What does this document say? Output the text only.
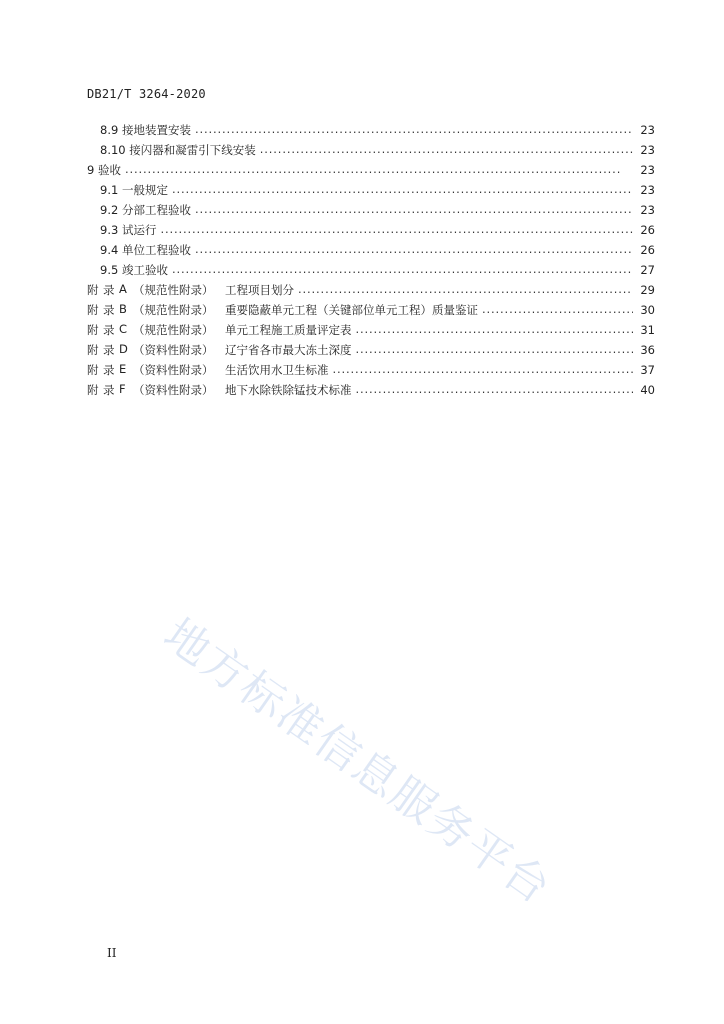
DB21/T 3264-2020
8.9 接地装置安装 . . .	23
8.10 接闪器和凝雷引下线安装 . . .	23
9 验收 . . .	23
9.1 一般规定 . . .	23
9.2 分部工程验收 . . .	23
9.3 试运行 . . .	26
9.4 单位工程验收 . . .	26
9.5 竣工验收 . . .	27
附 录 A （规范性附录）	工程项目划分 . . .	29
附 录 B （规范性附录）	重要隐蔽单元工程（关键部位单元工程）质量鉴证 . . .	30
附 录 C （规范性附录）	单元工程施工质量评定表 . . .	31
附 录 D （资料性附录）	辽宁省各市最大冻土深度 . . .	36
附 录 E （资料性附录）	生活饮用水卫生标准 . . .	37
附 录 F （资料性附录）	地下水除铁除锰技术标准 . . .	40
地方标准信息服务平台
II
